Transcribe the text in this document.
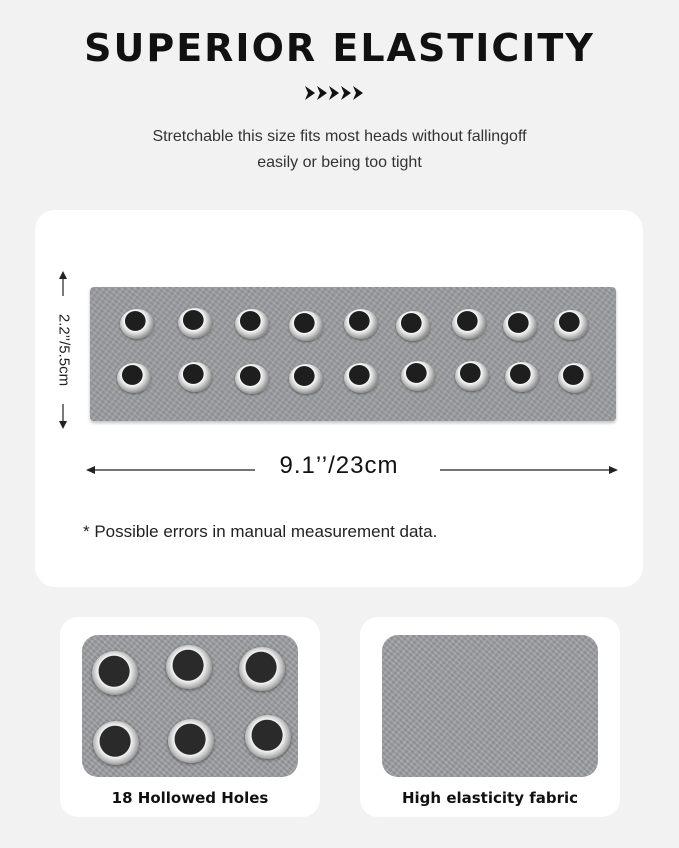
SUPERIOR ELASTICITY
Stretchable this size fits most heads without fallingoff
easily or being too tight
2.2’’/5.5cm
9.1’’/23cm
* Possible errors in manual measurement data.
18 Hollowed Holes	High elasticity fabric
